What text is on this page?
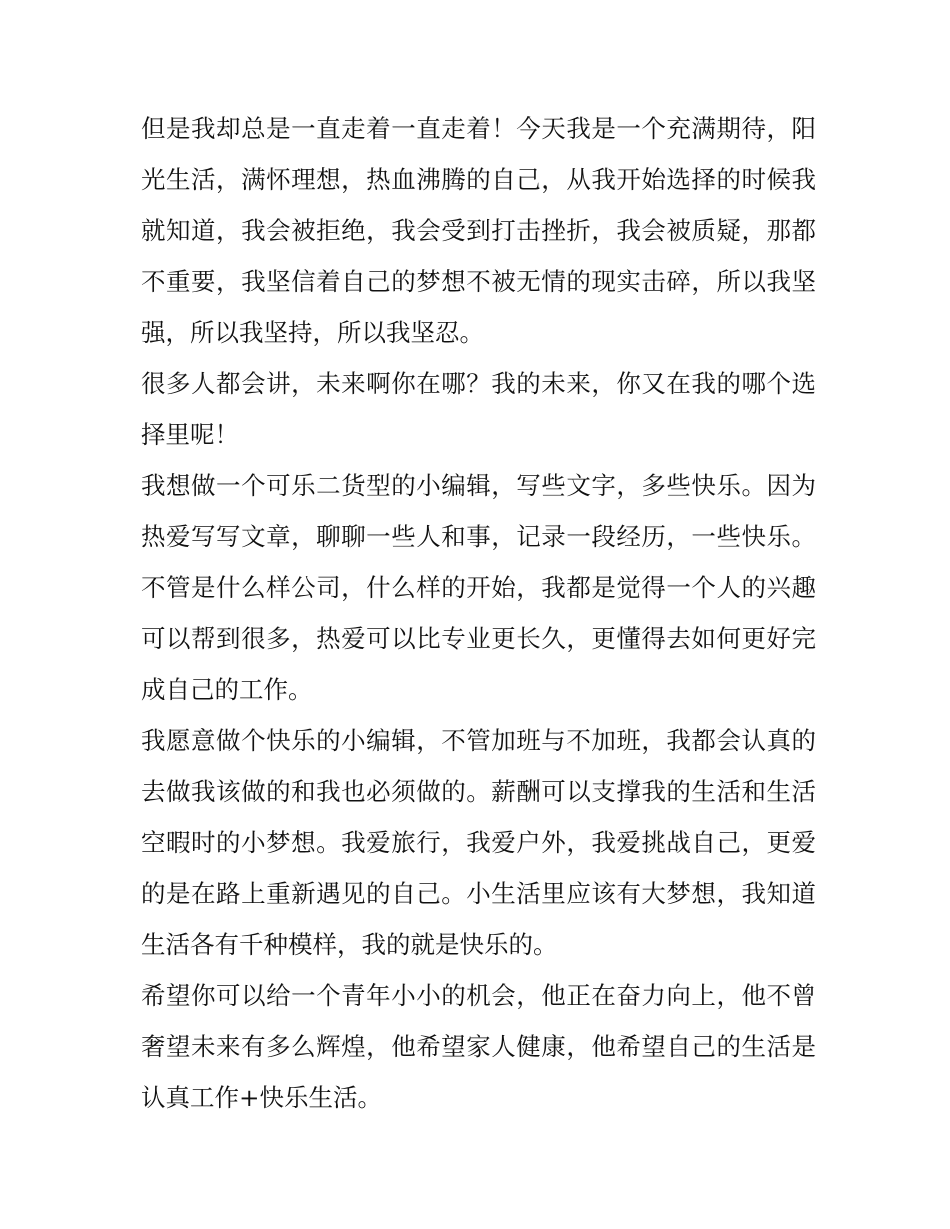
但是我却总是一直走着一直走着！今天我是一个充满期待，阳光生活，满怀理想，热血沸腾的自己，从我开始选择的时候我就知道，我会被拒绝，我会受到打击挫折，我会被质疑，那都不重要，我坚信着自己的梦想不被无情的现实击碎，所以我坚强，所以我坚持，所以我坚忍。

很多人都会讲，未来啊你在哪？我的未来，你又在我的哪个选择里呢！

我想做一个可乐二货型的小编辑，写些文字，多些快乐。因为热爱写写文章，聊聊一些人和事，记录一段经历，一些快乐。不管是什么样公司，什么样的开始，我都是觉得一个人的兴趣可以帮到很多，热爱可以比专业更长久，更懂得去如何更好完成自己的工作。

我愿意做个快乐的小编辑，不管加班与不加班，我都会认真的去做我该做的和我也必须做的。薪酬可以支撑我的生活和生活空暇时的小梦想。我爱旅行，我爱户外，我爱挑战自己，更爱的是在路上重新遇见的自己。小生活里应该有大梦想，我知道生活各有千种模样，我的就是快乐的。

希望你可以给一个青年小小的机会，他正在奋力向上，他不曾奢望未来有多么辉煌，他希望家人健康，他希望自己的生活是认真工作+快乐生活。
